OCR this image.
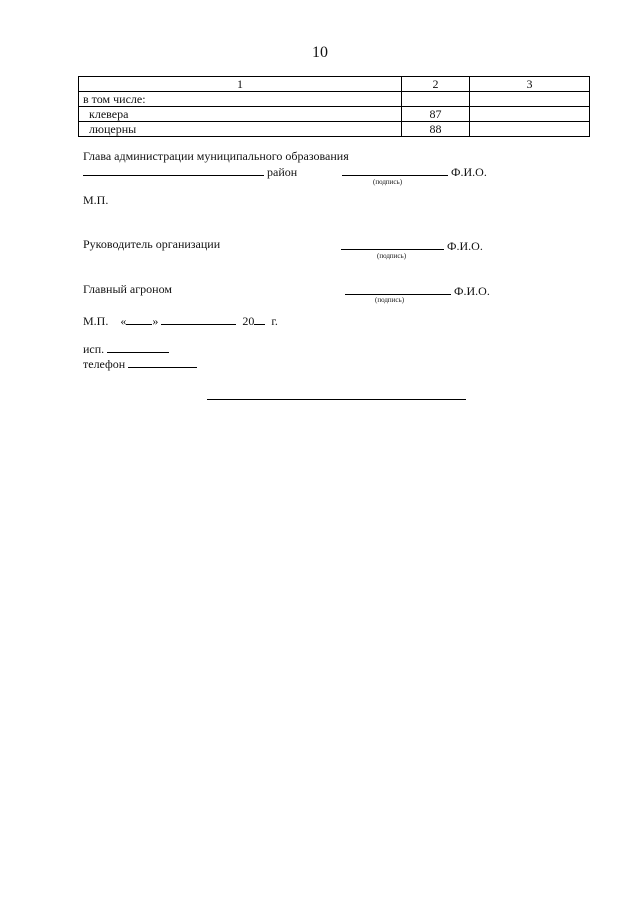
10
1	2	3
в том числе:		
клевера	87	
люцерны	88	
Глава администрации муниципального образования
район	Ф.И.О.
(подпись)
М.П.
Руководитель организации	Ф.И.О.
(подпись)
Главный агроном	Ф.И.О.
(подпись)
М.П. « »	20 г.
исп.
телефон
